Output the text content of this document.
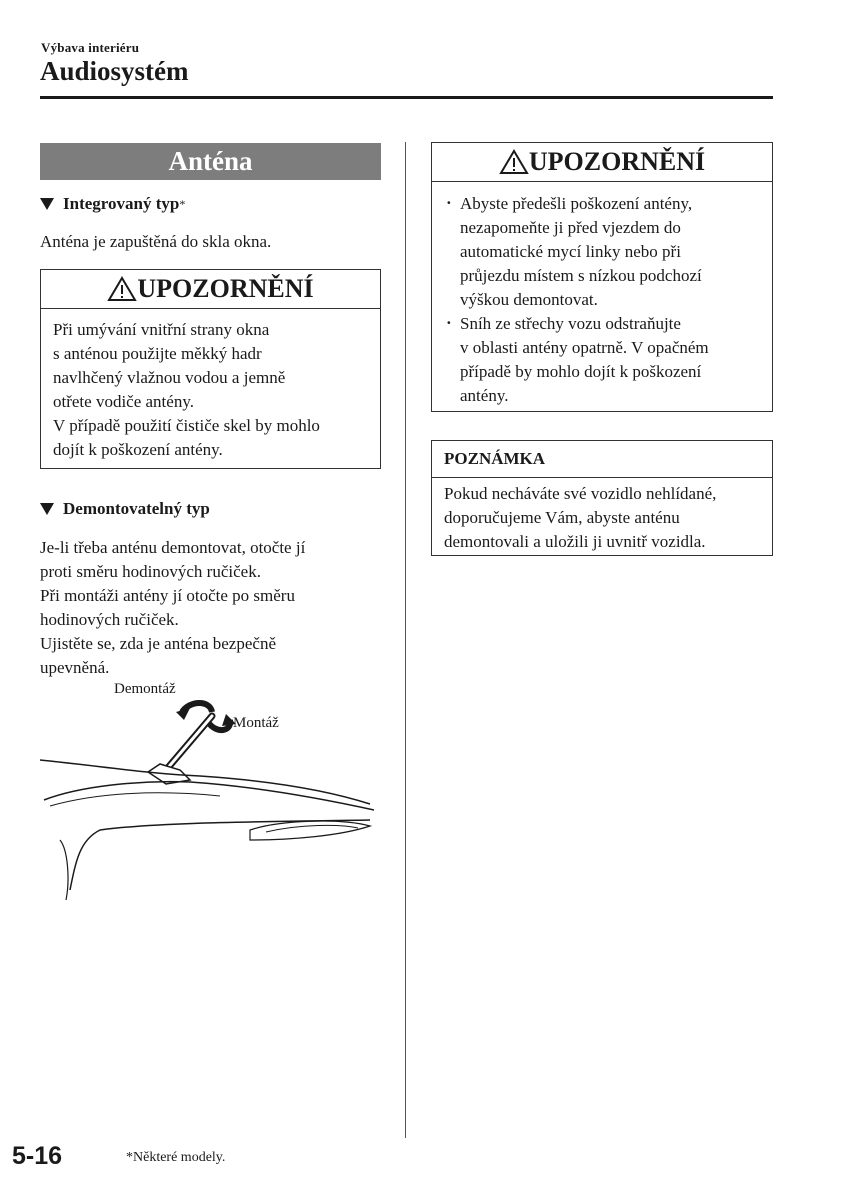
Výbava interiéru
Audiosystém
Anténa
Integrovaný typ *
Anténa je zapuštěná do skla okna.
UPOZORNĚNÍ
Při umývání vnitřní strany okna
s anténou použijte měkký hadr
navlhčený vlažnou vodou a jemně
otřete vodiče antény.
V případě použití čističe skel by mohlo
dojít k poškození antény.
Demontovatelný typ
Je-li třeba anténu demontovat, otočte jí
proti směru hodinových ručiček.
Při montáži antény jí otočte po směru
hodinových ručiček.
Ujistěte se, zda je anténa bezpečně
upevněná.
Demontáž
Montáž
UPOZORNĚNÍ
· Abyste předešli poškození antény,
nezapomeňte ji před vjezdem do
automatické mycí linky nebo při
průjezdu místem s nízkou podchozí
výškou demontovat.
· Sníh ze střechy vozu odstraňujte
v oblasti antény opatrně. V opačném
případě by mohlo dojít k poškození
antény.
POZNÁMKA
Pokud necháváte své vozidlo nehlídané,
doporučujeme Vám, abyste anténu
demontovali a uložili ji uvnitř vozidla.
5-16	*Některé modely.
